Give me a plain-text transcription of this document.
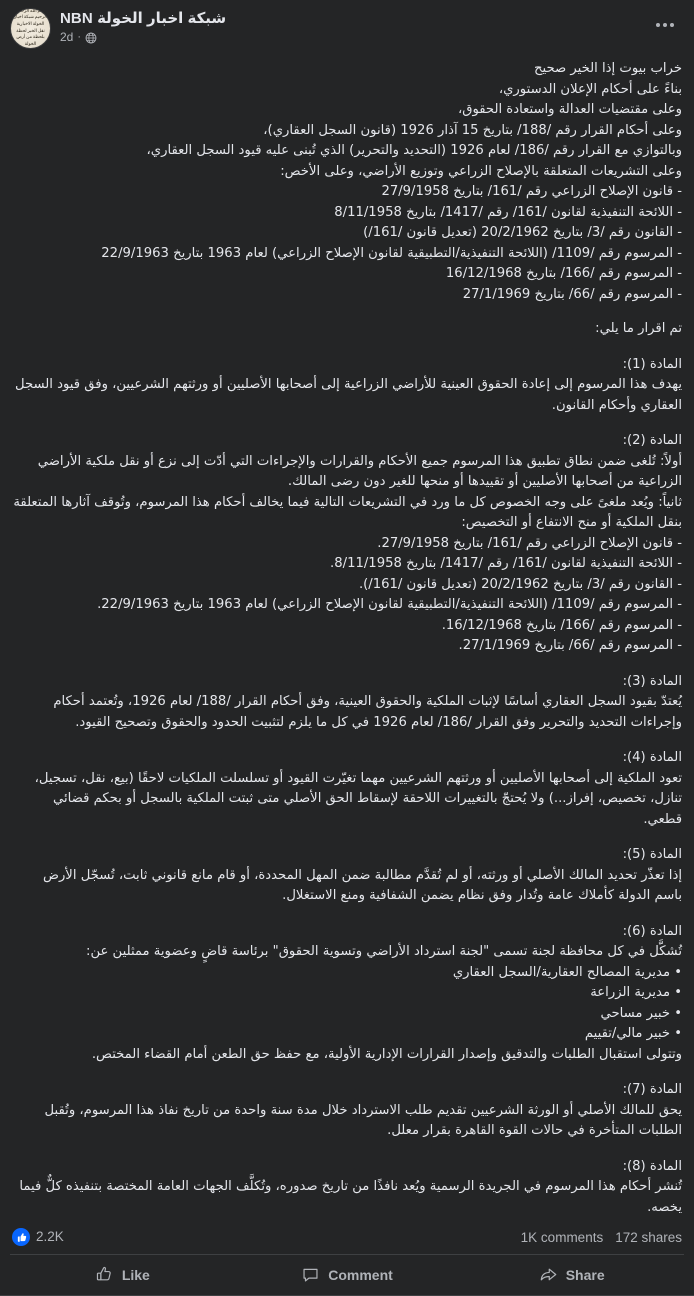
بسم الله الرحمن الرحيم شبكة اخبار الخولة الاخبارية نقل الخبر لحظة بلحظة من أرض الخولة
NBN شبكة اخبار الخولة
2d ·

خراب بيوت إذا الخير صحيح

بناءً على أحكام الإعلان الدستوري،

وعلى مقتضيات العدالة واستعادة الحقوق،

وعلى أحكام القرار رقم /188/ بتاريخ 15 آذار 1926 (قانون السجل العقاري)،

وبالتوازي مع القرار رقم /186/ لعام 1926 (التحديد والتحرير) الذي تُبنى عليه قيود السجل العقاري،

وعلى التشريعات المتعلقة بالإصلاح الزراعي وتوزيع الأراضي، وعلى الأخص:

- قانون الإصلاح الزراعي رقم /161/ بتاريخ 27/9/1958

- اللائحة التنفيذية لقانون /161/ رقم /1417/ بتاريخ 8/11/1958

- القانون رقم /3/ بتاريخ 20/2/1962 (تعديل قانون /161/)

- المرسوم رقم /1109/ (اللائحة التنفيذية/التطبيقية لقانون الإصلاح الزراعي) لعام 1963 بتاريخ 22/9/1963

- المرسوم رقم /166/ بتاريخ 16/12/1968

- المرسوم رقم /66/ بتاريخ 27/1/1969

تم اقرار ما يلي:

المادة (1):

يهدف هذا المرسوم إلى إعادة الحقوق العينية للأراضي الزراعية إلى أصحابها الأصليين أو ورثتهم الشرعيين، وفق قيود السجل العقاري وأحكام القانون.

المادة (2):

أولاً: تُلغى ضمن نطاق تطبيق هذا المرسوم جميع الأحكام والقرارات والإجراءات التي أدّت إلى نزع أو نقل ملكية الأراضي الزراعية من أصحابها الأصليين أو تقييدها أو منحها للغير دون رضى المالك.

ثانياً: ويُعد ملغىً على وجه الخصوص كل ما ورد في التشريعات التالية فيما يخالف أحكام هذا المرسوم، وتُوقف آثارها المتعلقة بنقل الملكية أو منح الانتفاع أو التخصيص:

- قانون الإصلاح الزراعي رقم /161/ بتاريخ 27/9/1958.

- اللائحة التنفيذية لقانون /161/ رقم /1417/ بتاريخ 8/11/1958.

- القانون رقم /3/ بتاريخ 20/2/1962 (تعديل قانون /161/).

- المرسوم رقم /1109/ (اللائحة التنفيذية/التطبيقية لقانون الإصلاح الزراعي) لعام 1963 بتاريخ 22/9/1963.

- المرسوم رقم /166/ بتاريخ 16/12/1968.

- المرسوم رقم /66/ بتاريخ 27/1/1969.

المادة (3):

يُعتدّ بقيود السجل العقاري أساسًا لإثبات الملكية والحقوق العينية، وفق أحكام القرار /188/ لعام 1926، وتُعتمد أحكام وإجراءات التحديد والتحرير وفق القرار /186/ لعام 1926 في كل ما يلزم لتثبيت الحدود والحقوق وتصحيح القيود.

المادة (4):

تعود الملكية إلى أصحابها الأصليين أو ورثتهم الشرعيين مهما تغيّرت القيود أو تسلسلت الملكيات لاحقًا (بيع، نقل، تسجيل، تنازل، تخصيص، إفراز...) ولا يُحتجّ بالتغييرات اللاحقة لإسقاط الحق الأصلي متى ثبتت الملكية بالسجل أو بحكم قضائي قطعي.

المادة (5):

إذا تعذّر تحديد المالك الأصلي أو ورثته، أو لم تُقدَّم مطالبة ضمن المهل المحددة، أو قام مانع قانوني ثابت، تُسجّل الأرض باسم الدولة كأملاك عامة وتُدار وفق نظام يضمن الشفافية ومنع الاستغلال.

المادة (6):

تُشكَّل في كل محافظة لجنة تسمى "لجنة استرداد الأراضي وتسوية الحقوق" برئاسة قاضٍ وعضوية ممثلين عن:

• مديرية المصالح العقارية/السجل العقاري

• مديرية الزراعة

• خبير مساحي

• خبير مالي/تقييم

وتتولى استقبال الطلبات والتدقيق وإصدار القرارات الإدارية الأولية، مع حفظ حق الطعن أمام القضاء المختص.

المادة (7):

يحق للمالك الأصلي أو الورثة الشرعيين تقديم طلب الاسترداد خلال مدة سنة واحدة من تاريخ نفاذ هذا المرسوم، وتُقبل الطلبات المتأخرة في حالات القوة القاهرة بقرار معلل.

المادة (8):

تُنشر أحكام هذا المرسوم في الجريدة الرسمية ويُعد نافذًا من تاريخ صدوره، وتُكلَّف الجهات العامة المختصة بتنفيذه كلٌّ فيما يخصه.

2.2K	1K comments 172 shares
Like	Comment	Share
